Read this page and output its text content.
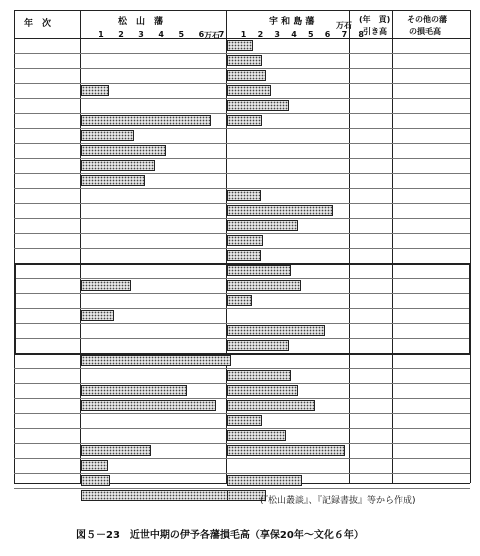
年　次	松　山　藩	宇 和 島 藩
万石
万石
(年　貢)
引き高
その他の藩
の損毛高
1 2 3 4 5 6 7 1 2 3 4 5 6 7 8
(『松山叢談』、『記録書抜』等から作成)
図５－23　近世中期の伊予各藩損毛高（享保20年～文化６年）
